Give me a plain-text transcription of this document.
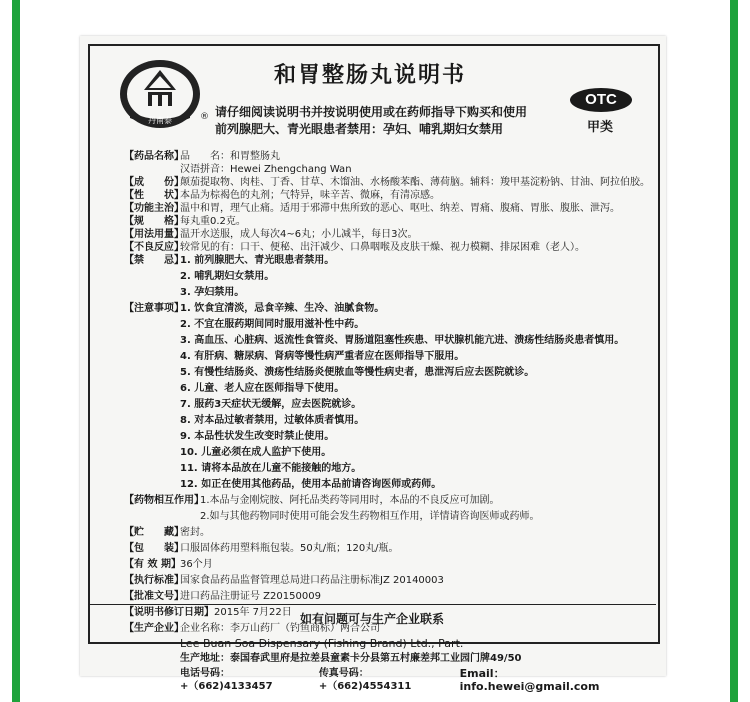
丹南泰	®
和胃整肠丸说明书
OTC
甲类
请仔细阅读说明书并按说明使用或在药师指导下购买和使用
前列腺肥大、青光眼患者禁用：孕妇、哺乳期妇女禁用
【药品名称】
品　　名：和胃整肠丸
汉语拼音：Hewei Zhengchang Wan
【成　　份】
颠茄提取物、肉桂、丁香、甘草、木馏油、水杨酸苯酯、薄荷脑。辅料：羧甲基淀粉钠、甘油、阿拉伯胶。
【性　　状】
本品为棕褐色的丸剂；气特异，味辛苦、微麻，有清凉感。
【功能主治】
温中和胃，理气止痛。适用于邪滞中焦所致的恶心、呕吐、纳差、胃痛、腹痛、胃胀、腹胀、泄泻。
【规　　格】
每丸重0.2克。
【用法用量】
温开水送服，成人每次4~6丸；小儿减半，每日3次。
【不良反应】
较常见的有：口干、便秘、出汗减少、口鼻咽喉及皮肤干燥、视力模糊、排尿困难（老人）。
【禁　　忌】
1. 前列腺肥大、青光眼患者禁用。
2. 哺乳期妇女禁用。
3. 孕妇禁用。
【注意事项】
1. 饮食宜清淡，忌食辛辣、生冷、油腻食物。
2. 不宜在服药期间同时服用滋补性中药。
3. 高血压、心脏病、返流性食管炎、胃肠道阻塞性疾患、甲状腺机能亢进、溃疡性结肠炎患者慎用。
4. 有肝病、糖尿病、肾病等慢性病严重者应在医师指导下服用。
5. 有慢性结肠炎、溃疡性结肠炎便脓血等慢性病史者，患泄泻后应去医院就诊。
6. 儿童、老人应在医师指导下使用。
7. 服药3天症状无缓解，应去医院就诊。
8. 对本品过敏者禁用，过敏体质者慎用。
9. 本品性状发生改变时禁止使用。
10. 儿童必须在成人监护下使用。
11. 请将本品放在儿童不能接触的地方。
12. 如正在使用其他药品，使用本品前请咨询医师或药师。
【药物相互作用】
1.本品与金刚烷胺、阿托品类药等同用时，本品的不良反应可加剧。
2.如与其他药物同时使用可能会发生药物相互作用，详情请咨询医师或药师。
【贮　　藏】
密封。
【包　　装】
口服固体药用塑料瓶包装。50丸/瓶；120丸/瓶。
【有 效 期】 36个月
【执行标准】
国家食品药品监督管理总局进口药品注册标准JZ 20140003
【批准文号】
进口药品注册证号 Z20150009
【说明书修订日期】 2015年 7月22日
【生产企业】
企业名称：李万山药厂（钓鱼商标）两合公司
Lee Buan Soa Dispensary (Fishing Brand) Ltd., Part.
生产地址：泰国春武里府是拉差县童素卡分县第五村廉差邦工业园门牌49/50
电话号码：+（662)4133457
传真号码：+（662)4554311
Email：info.hewei@gmail.com
如有问题可与生产企业联系
